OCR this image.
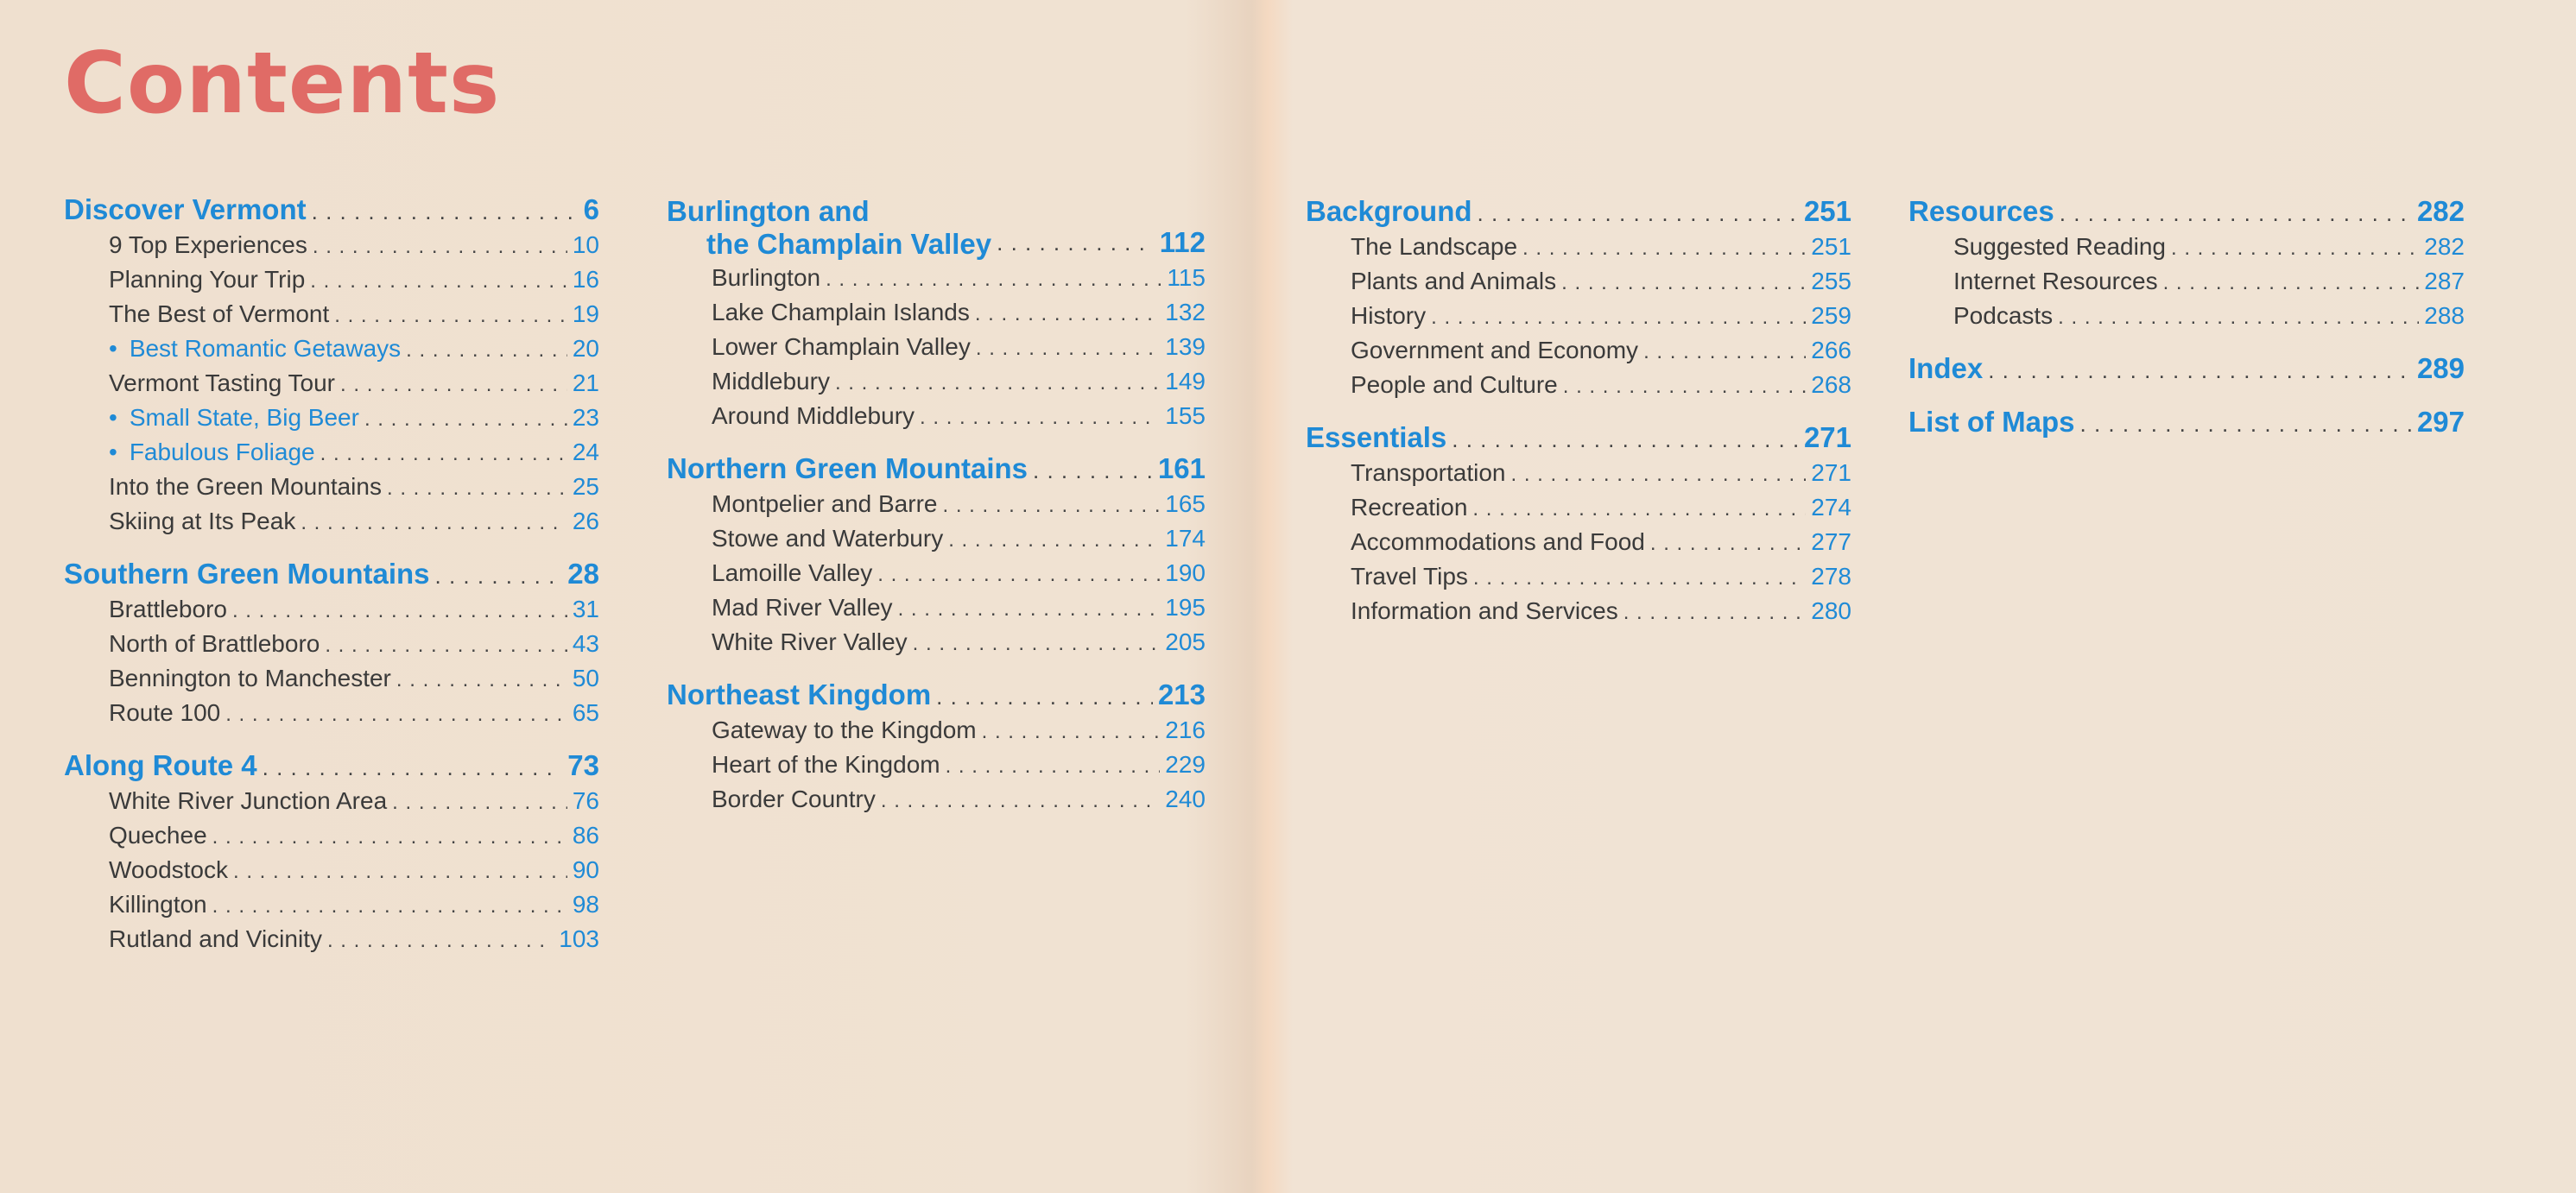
Contents
Discover Vermont . . .	6
9 Top Experiences . . .	10
Planning Your Trip . . .	16
The Best of Vermont . . .	19
• Best Romantic Getaways . . .	20
Vermont Tasting Tour . . .	21
• Small State, Big Beer . . .	23
• Fabulous Foliage . . .	24
Into the Green Mountains . . .	25
Skiing at Its Peak . . .	26
Southern Green Mountains . . .	28
Brattleboro . . .	31
North of Brattleboro . . .	43
Bennington to Manchester . . .	50
Route 100 . . .	65
Along Route 4 . . .	73
White River Junction Area . . .	76
Quechee . . .	86
Woodstock . . .	90
Killington . . .	98
Rutland and Vicinity . . .	103
Burlington and
the Champlain Valley . . .	112
Burlington . . .	115
Lake Champlain Islands . . .	132
Lower Champlain Valley . . .	139
Middlebury . . .	149
Around Middlebury . . .	155
Northern Green Mountains . . .	161
Montpelier and Barre . . .	165
Stowe and Waterbury . . .	174
Lamoille Valley . . .	190
Mad River Valley . . .	195
White River Valley . . .	205
Northeast Kingdom . . .	213
Gateway to the Kingdom . . .	216
Heart of the Kingdom . . .	229
Border Country . . .	240
Background . . .	251
The Landscape . . .	251
Plants and Animals . . .	255
History . . .	259
Government and Economy . . .	266
People and Culture . . .	268
Essentials . . .	271
Transportation . . .	271
Recreation . . .	274
Accommodations and Food . . .	277
Travel Tips . . .	278
Information and Services . . .	280
Resources . . .	282
Suggested Reading . . .	282
Internet Resources . . .	287
Podcasts . . .	288
Index . . .	289
List of Maps . . .	297
